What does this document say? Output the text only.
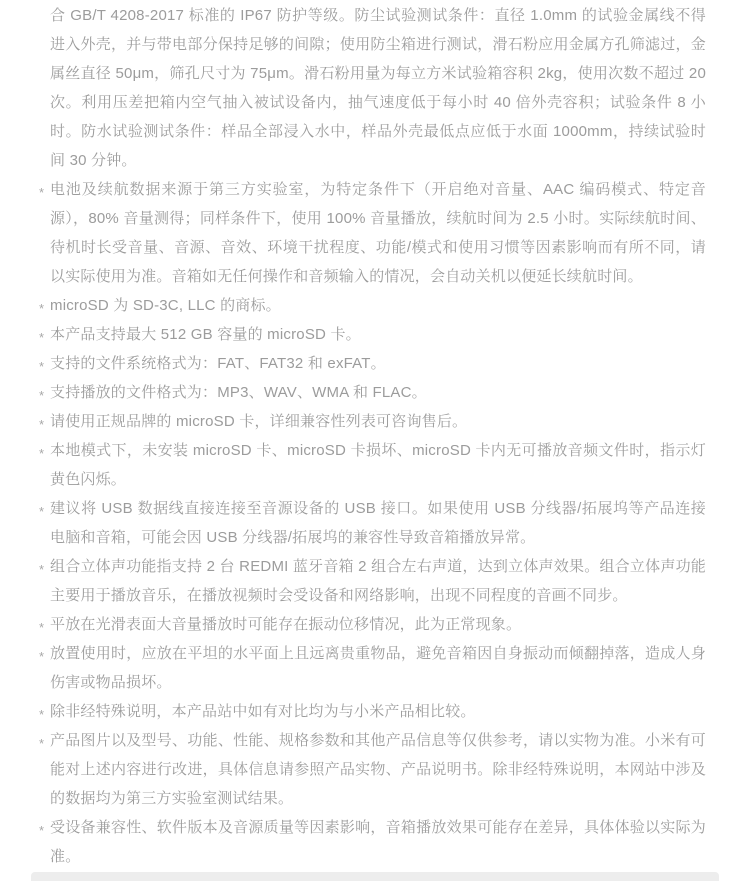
合 GB/T 4208-2017 标准的 IP67 防护等级。防尘试验测试条件：直径 1.0mm 的试验金属线不得进入外壳，并与带电部分保持足够的间隙；使用防尘箱进行测试，滑石粉应用金属方孔筛滤过，金属丝直径 50μm，筛孔尺寸为 75μm。滑石粉用量为每立方米试验箱容积 2kg，使用次数不超过 20 次。利用压差把箱内空气抽入被试设备内，抽气速度低于每小时 40 倍外壳容积；试验条件 8 小时。防水试验测试条件：样品全部浸入水中，样品外壳最低点应低于水面 1000mm，持续试验时间 30 分钟。

* 电池及续航数据来源于第三方实验室，为特定条件下（开启绝对音量、AAC 编码模式、特定音源），80% 音量测得；同样条件下，使用 100% 音量播放，续航时间为 2.5 小时。实际续航时间、待机时长受音量、音源、音效、环境干扰程度、功能/模式和使用习惯等因素影响而有所不同，请以实际使用为准。音箱如无任何操作和音频输入的情况，会自动关机以便延长续航时间。

* microSD 为 SD-3C, LLC 的商标。

* 本产品支持最大 512 GB 容量的 microSD 卡。

* 支持的文件系统格式为：FAT、FAT32 和 exFAT。

* 支持播放的文件格式为：MP3、WAV、WMA 和 FLAC。

* 请使用正规品牌的 microSD 卡，详细兼容性列表可咨询售后。

* 本地模式下，未安装 microSD 卡、microSD 卡损坏、microSD 卡内无可播放音频文件时，指示灯黄色闪烁。

* 建议将 USB 数据线直接连接至音源设备的 USB 接口。如果使用 USB 分线器/拓展坞等产品连接电脑和音箱，可能会因 USB 分线器/拓展坞的兼容性导致音箱播放异常。

* 组合立体声功能指支持 2 台 REDMI 蓝牙音箱 2 组合左右声道，达到立体声效果。组合立体声功能主要用于播放音乐，在播放视频时会受设备和网络影响，出现不同程度的音画不同步。

* 平放在光滑表面大音量播放时可能存在振动位移情况，此为正常现象。

* 放置使用时，应放在平坦的水平面上且远离贵重物品，避免音箱因自身振动而倾翻掉落，造成人身伤害或物品损坏。

* 除非经特殊说明，本产品站中如有对比均为与小米产品相比较。

* 产品图片以及型号、功能、性能、规格参数和其他产品信息等仅供参考，请以实物为准。小米有可能对上述内容进行改进，具体信息请参照产品实物、产品说明书。除非经特殊说明，本网站中涉及的数据均为第三方实验室测试结果。

* 受设备兼容性、软件版本及音源质量等因素影响，音箱播放效果可能存在差异，具体体验以实际为准。
